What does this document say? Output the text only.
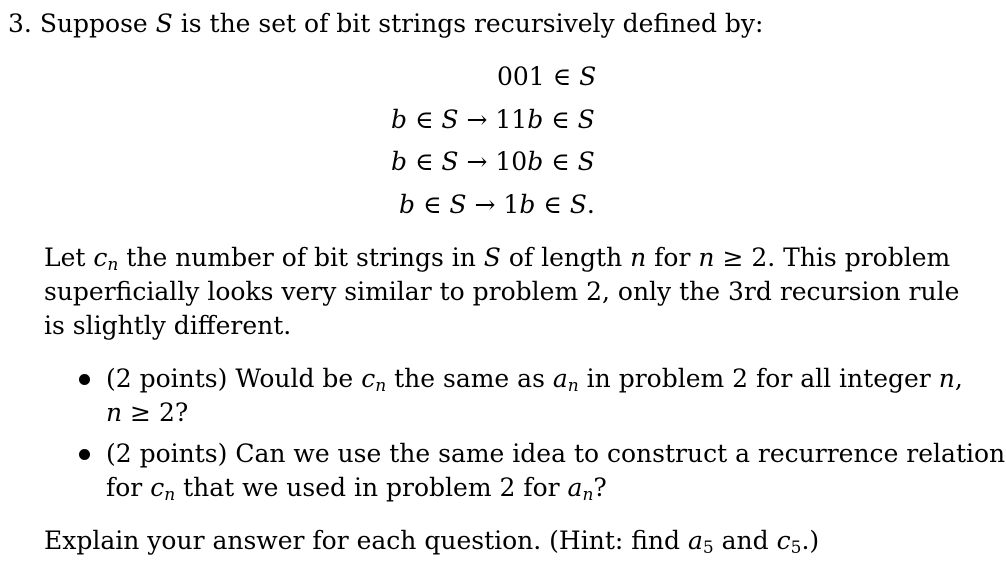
3. Suppose S is the set of bit strings recursively defined by:
001 ∈ S
b ∈ S → 11b ∈ S
b ∈ S → 10b ∈ S
b ∈ S → 1b ∈ S.
Let $c_n$ the number of bit strings in S of length n for n ≥ 2. This problem
superficially looks very similar to problem 2, only the 3rd recursion rule
is slightly different.
(2 points) Would be $c_n$ the same as $a_n$ in problem 2 for all integer n,
n ≥ 2?
(2 points) Can we use the same idea to construct a recurrence relation
for $c_n$ that we used in problem 2 for $a_n$?
Explain your answer for each question. (Hint: find a5 and c5.)
